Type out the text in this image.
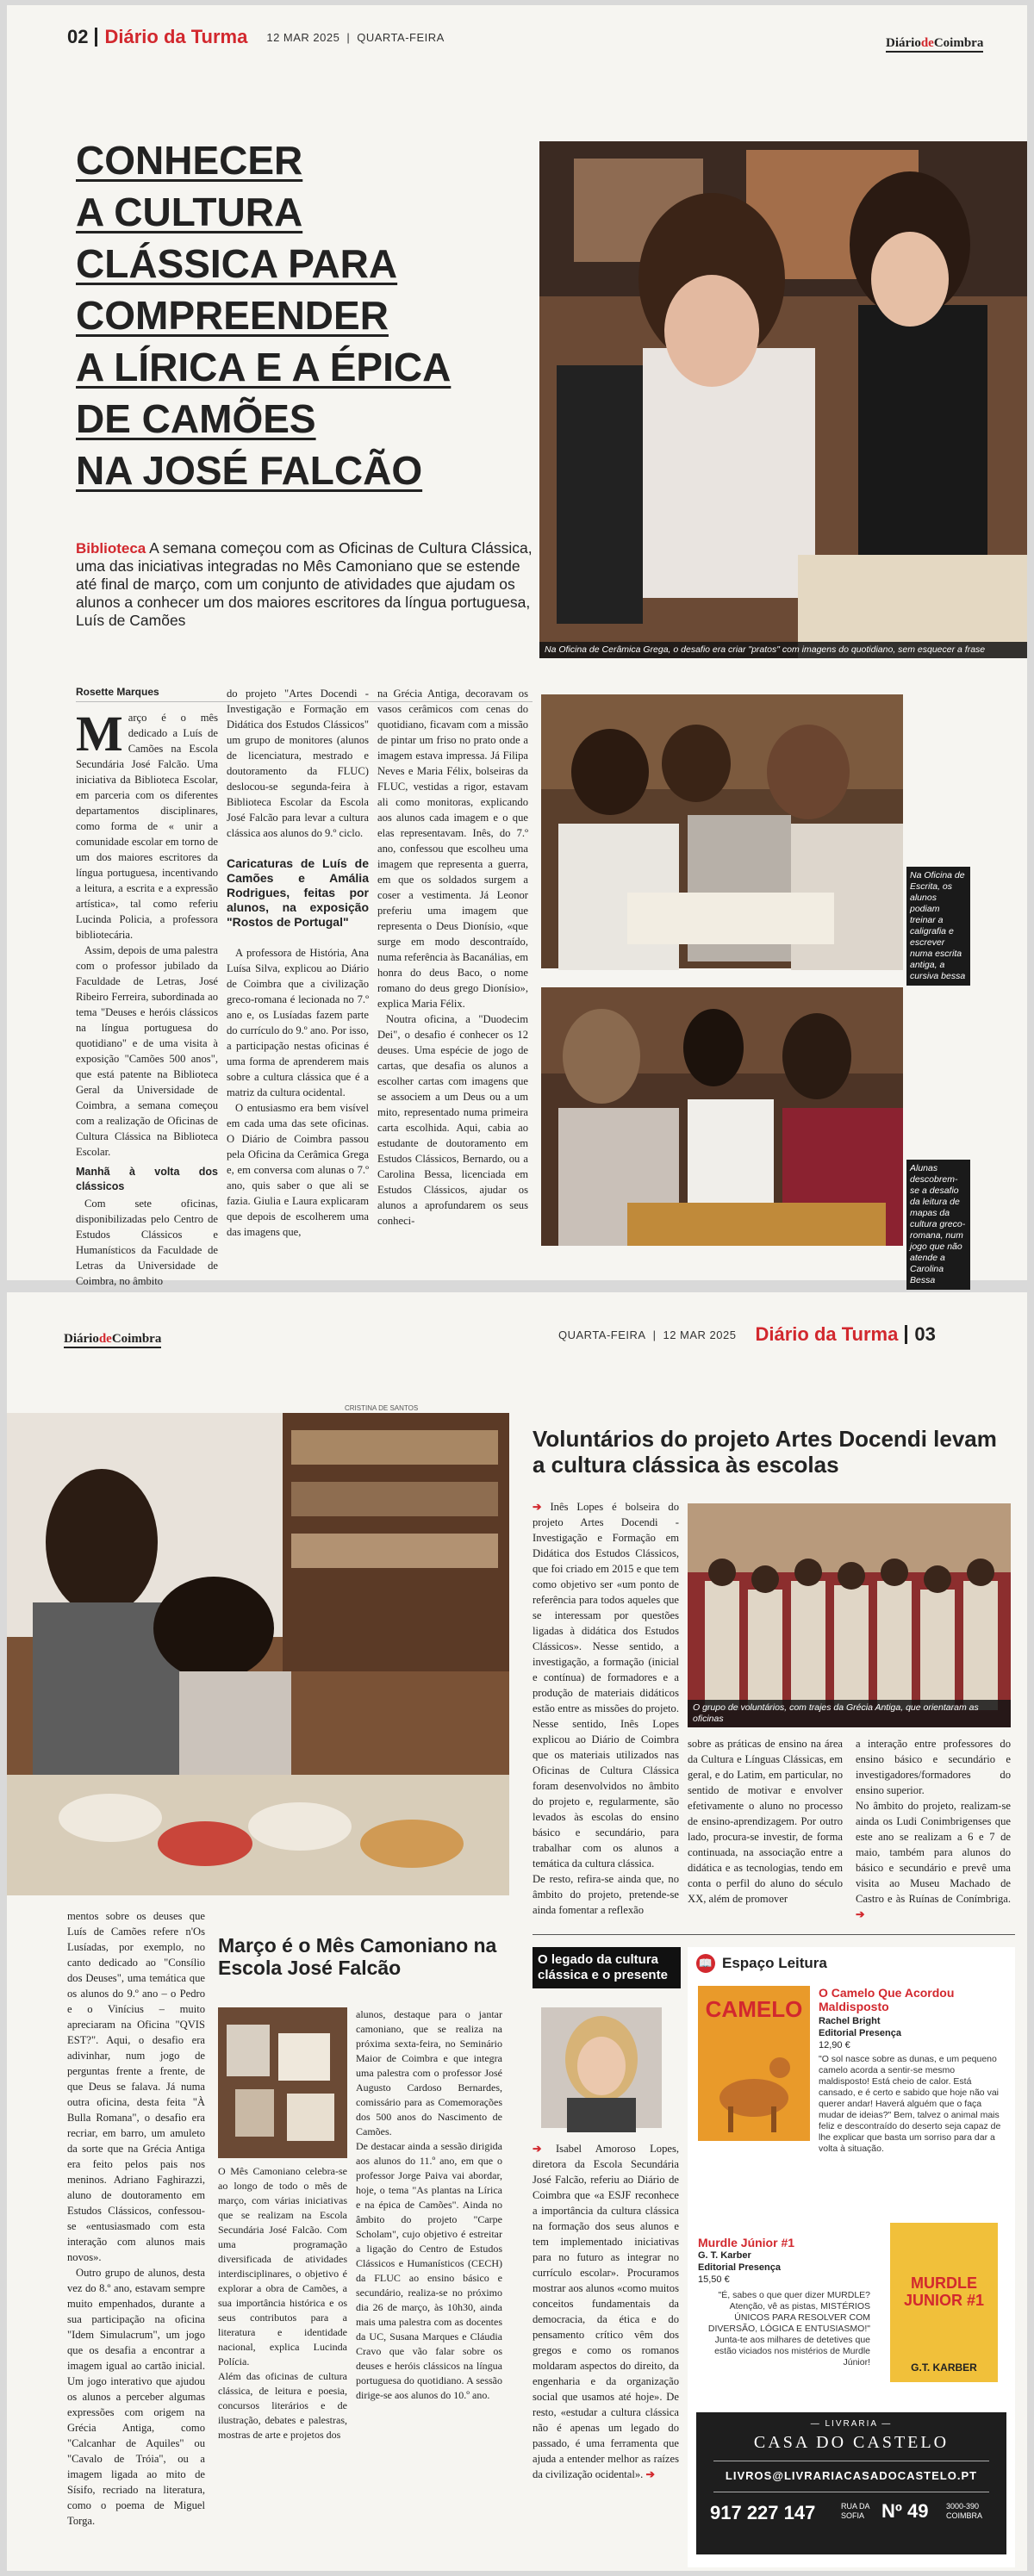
02 Diário da Turma 12 MAR 2025 | QUARTA-FEIRA	DiáriodeCoimbra
CONHECER
A CULTURA
CLÁSSICA PARA
COMPREENDER
A LÍRICA E A ÉPICA
DE CAMÕES
NA JOSÉ FALCÃO
Biblioteca A semana começou com as Oficinas de Cultura Clássica, uma das iniciativas integradas no Mês Camoniano que se estende até final de março, com um conjunto de atividades que ajudam os alunos a conhecer um dos maiores escritores da língua portuguesa, Luís de Camões
Na Oficina de Cerâmica Grega, o desafio era criar "pratos" com imagens do quotidiano, sem esquecer a frase
Rosette Marques

Março é o mês dedicado a Luís de Camões na Escola Secundária José Falcão. Uma iniciativa da Biblioteca Escolar, em parceria com os diferentes departamentos disciplinares, como forma de « unir a comunidade escolar em torno de um dos maiores escritores da língua portuguesa, incentivando a leitura, a escrita e a expressão artística», tal como referiu Lucinda Policia, a professora bibliotecária.

Assim, depois de uma palestra com o professor jubilado da Faculdade de Letras, José Ribeiro Ferreira, subordinada ao tema "Deuses e heróis clássicos na língua portuguesa do quotidiano" e de uma visita à exposição "Camões 500 anos", que está patente na Biblioteca Geral da Universidade de Coimbra, a semana começou com a realização de Oficinas de Cultura Clássica na Biblioteca Escolar.

Manhã à volta dos clássicos

Com sete oficinas, disponibilizadas pelo Centro de Estudos Clássicos e Humanísticos da Faculdade de Letras da Universidade de Coimbra, no âmbito

do projeto "Artes Docendi - Investigação e Formação em Didática dos Estudos Clássicos" um grupo de monitores (alunos de licenciatura, mestrado e doutoramento da FLUC) deslocou-se segunda-feira à Biblioteca Escolar da Escola José Falcão para levar a cultura clássica aos alunos do 9.º ciclo.

Caricaturas de Luís de Camões e Amália Rodrigues, feitas por alunos, na exposição "Rostos de Portugal"

A professora de História, Ana Luísa Silva, explicou ao Diário de Coimbra que a civilização greco-romana é lecionada no 7.º ano e, os Lusíadas fazem parte do currículo do 9.º ano. Por isso, a participação nestas oficinas é uma forma de aprenderem mais sobre a cultura clássica que é a matriz da cultura ocidental.

O entusiasmo era bem visível em cada uma das sete oficinas. O Diário de Coimbra passou pela Oficina da Cerâmica Grega e, em conversa com alunas o 7.º ano, quis saber o que ali se fazia. Giulia e Laura explicaram que depois de escolherem uma das imagens que,

na Grécia Antiga, decoravam os vasos cerâmicos com cenas do quotidiano, ficavam com a missão de pintar um friso no prato onde a imagem estava impressa. Já Filipa Neves e Maria Félix, bolseiras da FLUC, vestidas a rigor, estavam ali como monitoras, explicando aos alunos cada imagem e o que elas representavam. Inês, do 7.º ano, confessou que escolheu uma imagem que representa a guerra, em que os soldados surgem a coser a vestimenta. Já Leonor preferiu uma imagem que representa o Deus Dionísio, «que surge em modo descontraído, numa referência às Bacanálias, em honra do deus Baco, o nome romano do deus grego Dionísio», explica Maria Félix.

Noutra oficina, a "Duodecim Dei", o desafio é conhecer os 12 deuses. Uma espécie de jogo de cartas, que desafia os alunos a escolher cartas com imagens que se associem a um Deus ou a um mito, representado numa primeira carta escolhida. Aqui, cabia ao estudante de doutoramento em Estudos Clássicos, Bernardo, ou a Carolina Bessa, licenciada em Estudos Clássicos, ajudar os alunos a aprofundarem os seus conheci-

Na Oficina de Escrita, os alunos podiam treinar a caligrafia e escrever numa escrita antiga, a cursiva bessa
Alunas descobrem-se a desafio da leitura de mapas da cultura greco-romana, num jogo que não atende a Carolina Bessa
DiáriodeCoimbra	QUARTA-FEIRA | 12 MAR 2025 Diário da Turma 03
CRISTINA DE SANTOS

mentos sobre os deuses que Luís de Camões refere n'Os Lusíadas, por exemplo, no canto dedicado ao "Consílio dos Deuses", uma temática que os alunos do 9.º ano – o Pedro e o Vinícius – muito apreciaram na Oficina "QVIS EST?". Aqui, o desafio era adivinhar, num jogo de perguntas frente a frente, de que Deus se falava. Já numa outra oficina, desta feita "À Bulla Romana", o desafio era recriar, em barro, um amuleto da sorte que na Grécia Antiga era feito pelos pais nos meninos. Adriano Faghirazzi, aluno de doutoramento em Estudos Clássicos, confessou-se «entusiasmado com esta interação com alunos mais novos».

Outro grupo de alunos, desta vez do 8.º ano, estavam sempre muito empenhados, durante a sua participação na oficina "Idem Simulacrum", um jogo que os desafia a encontrar a imagem igual ao cartão inicial. Um jogo interativo que ajudou os alunos a perceber algumas expressões com origem na Grécia Antiga, como "Calcanhar de Aquiles" ou "Cavalo de Tróia", ou a imagem ligada ao mito de Sísifo, recriado na literatura, como o poema de Miguel Torga.

Março é o Mês Camoniano na Escola José Falcão
O Mês Camoniano celebra-se ao longo de todo o mês de março, com várias iniciativas que se realizam na Escola Secundária José Falcão. Com uma programação diversificada de atividades interdisciplinares, o objetivo é explorar a obra de Camões, a sua importância histórica e os seus contributos para a literatura e identidade nacional, explica Lucinda Polícia.
Além das oficinas de cultura clássica, de leitura e poesia, concursos literários e de ilustração, debates e palestras, mostras de arte e projetos dos
alunos, destaque para o jantar camoniano, que se realiza na próxima sexta-feira, no Seminário Maior de Coimbra e que integra uma palestra com o professor José Augusto Cardoso Bernardes, comissário para as Comemorações dos 500 anos do Nascimento de Camões.
De destacar ainda a sessão dirigida aos alunos do 11.º ano, em que o professor Jorge Paiva vai abordar, hoje, o tema "As plantas na Lírica e na épica de Camões". Ainda no âmbito do projeto "Carpe Scholam", cujo objetivo é estreitar a ligação do Centro de Estudos Clássicos e Humanísticos (CECH) da FLUC ao ensino básico e secundário, realiza-se no próximo dia 26 de março, às 10h30, ainda mais uma palestra com as docentes da UC, Susana Marques e Cláudia Cravo que vão falar sobre os deuses e heróis clássicos na língua portuguesa do quotidiano. A sessão dirige-se aos alunos do 10.º ano.
Voluntários do projeto Artes Docendi levam a cultura clássica às escolas
➔ Inês Lopes é bolseira do projeto Artes Docendi - Investigação e Formação em Didática dos Estudos Clássicos, que foi criado em 2015 e que tem como objetivo ser «um ponto de referência para todos aqueles que se interessam por questões ligadas à didática dos Estudos Clássicos». Nesse sentido, a investigação, a formação (inicial e contínua) de formadores e a produção de materiais didáticos estão entre as missões do projeto. Nesse sentido, Inês Lopes explicou ao Diário de Coimbra que os materiais utilizados nas Oficinas de Cultura Clássica foram desenvolvidos no âmbito do projeto e, regularmente, são levados às escolas do ensino básico e secundário, para trabalhar com os alunos a temática da cultura clássica.
De resto, refira-se ainda que, no âmbito do projeto, pretende-se ainda fomentar a reflexão
O grupo de voluntários, com trajes da Grécia Antiga, que orientaram as oficinas
sobre as práticas de ensino na área da Cultura e Línguas Clássicas, em geral, e do Latim, em particular, no sentido de motivar e envolver efetivamente o aluno no processo de ensino-aprendizagem. Por outro lado, procura-se investir, de forma continuada, na associação entre a didática e as tecnologias, tendo em conta o perfil do aluno do século XX, além de promover
a interação entre professores do ensino básico e secundário e investigadores/formadores do ensino superior.
No âmbito do projeto, realizam-se ainda os Ludi Conimbrigenses que este ano se realizam a 6 e 7 de maio, também para alunos do básico e secundário e prevê uma visita ao Museu Machado de Castro e às Ruínas de Conímbriga. ➔
O legado da cultura clássica e o presente
➔ Isabel Amoroso Lopes, diretora da Escola Secundária José Falcão, referiu ao Diário de Coimbra que «a ESJF reconhece a importância da cultura clássica na formação dos seus alunos e tem implementado iniciativas para no futuro as integrar no currículo escolar». Procuramos mostrar aos alunos «como muitos conceitos fundamentais da democracia, da ética e do pensamento crítico vêm dos gregos e como os romanos moldaram aspectos do direito, da engenharia e da organização social que usamos até hoje». De resto, «estudar a cultura clássica não é apenas um legado do passado, é uma ferramenta que ajuda a entender melhor as raízes da civilização ocidental». ➔
📖 Espaço Leitura
CAMELO
O Camelo Que Acordou Maldisposto
Rachel Bright
Editorial Presença
12,90 €
"O sol nasce sobre as dunas, e um pequeno camelo acorda a sentir-se mesmo maldisposto! Está cheio de calor. Está cansado, e é certo e sabido que hoje não vai querer andar! Haverá alguém que o faça mudar de ideias?" Bem, talvez o animal mais feliz e descontraído do deserto seja capaz de lhe explicar que basta um sorriso para dar a volta à situação.
Murdle Júnior #1
G. T. Karber
Editorial Presença
15,50 €
"É, sabes o que quer dizer MURDLE? Atenção, vê as pistas, MISTÉRIOS ÚNICOS PARA RESOLVER COM DIVERSÃO, LÓGICA E ENTUSIASMO!" Junta-te aos milhares de detetives que estão viciados nos mistérios de Murdle Júnior!
MURDLE JUNIOR #1
G.T. KARBER
— LIVRARIA —
CASA DO CASTELO
LIVROS@LIVRARIACASADOCASTELO.PT
917 227 147	RUA DA
SOFIA Nº 49 3000-390
COIMBRA
